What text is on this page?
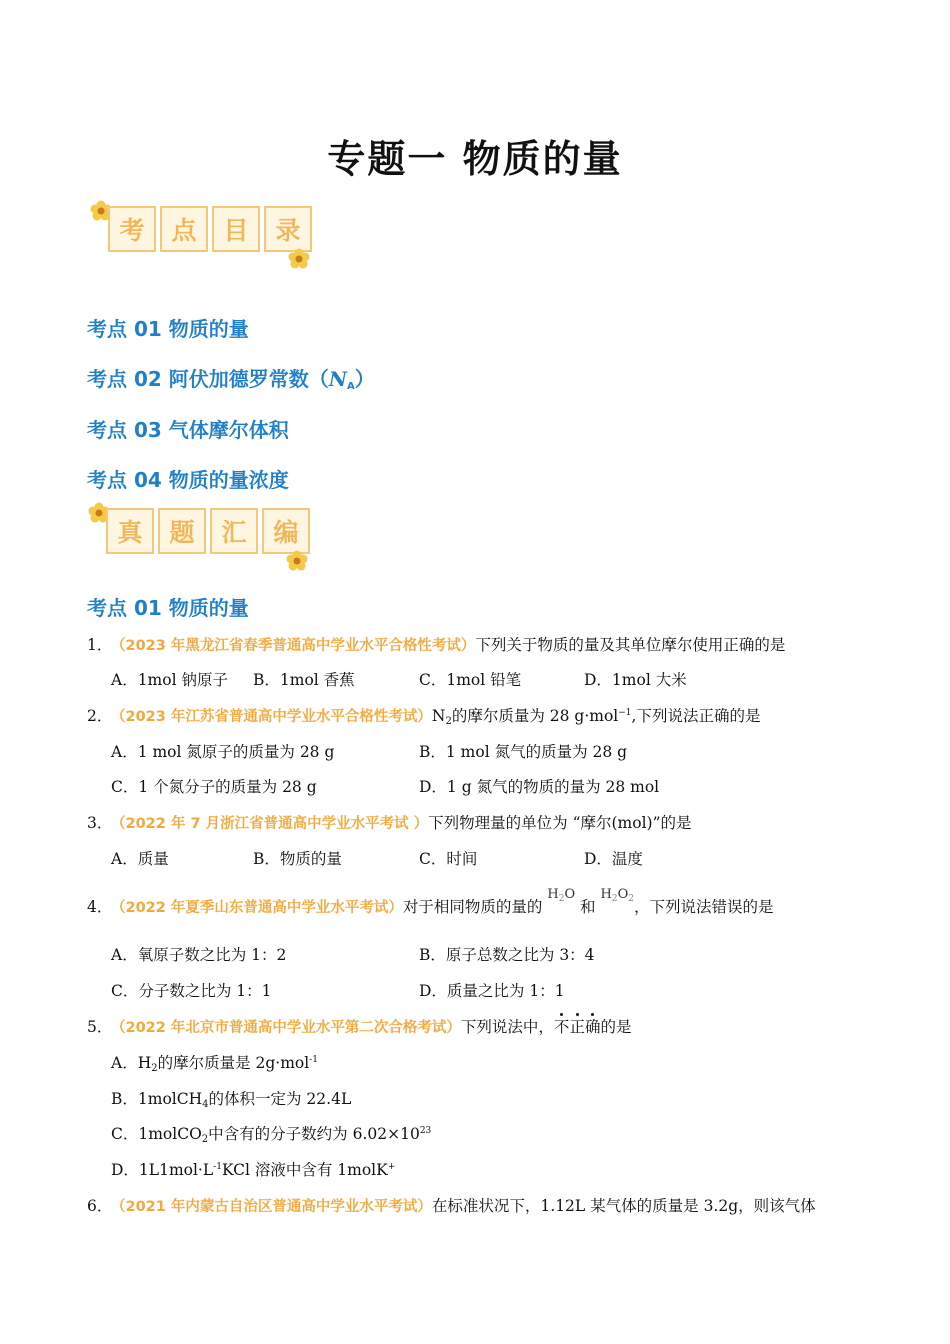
专题一 物质的量
考	点	目	录
考点 01 物质的量
考点 02 阿伏加德罗常数$(N_A)$
考点 03 气体摩尔体积
考点 04 物质的量浓度
真	题	汇	编
考点 01 物质的量
1．（2023 年黑龙江省春季普通高中学业水平合格性考试）下列关于物质的量及其单位摩尔使用正确的是
A．1mol 钠原子 B．1mol 香蕉	C．1mol 铅笔	D．1mol 大米
2．（2023 年江苏省普通高中学业水平合格性考试）$N_2$的摩尔质量为 28 g·mol$^{-1}$,下列说法正确的是
A．1 mol 氮原子的质量为 28 g	B．1 mol 氮气的质量为 28 g
C．1 个氮分子的质量为 28 g	D．1 g 氮气的物质的量为 28 mol
3．（2022 年 7 月浙江省普通高中学业水平考试 ）下列物理量的单位为 “摩尔(mol)”的是
A．质量	B．物质的量	C．时间	D．温度
4．（2022 年夏季山东普通高中学业水平考试）对于相同物质的量的 $H_2O$ 和 $H_2O_2$，下列说法错误的是
A．氧原子数之比为 1：2	B．原子总数之比为 3：4
C．分子数之比为 1：1	D．质量之比为 1：1
5．（2022 年北京市普通高中学业水平第二次合格考试）下列说法中，不正确的是
A．$H_2$的摩尔质量是 2g·mol$^{-1}$
B．1molCH$_4$的体积一定为 22.4L
C．1molCO$_2$中含有的分子数约为 $6.02\times 10^{23}$
D．$1L1mol\cdot L^{-1}KCl$ 溶液中含有 1molK+
6．（2021 年内蒙古自治区普通高中学业水平考试）在标准状况下，1.12L 某气体的质量是 3.2g，则该气体
